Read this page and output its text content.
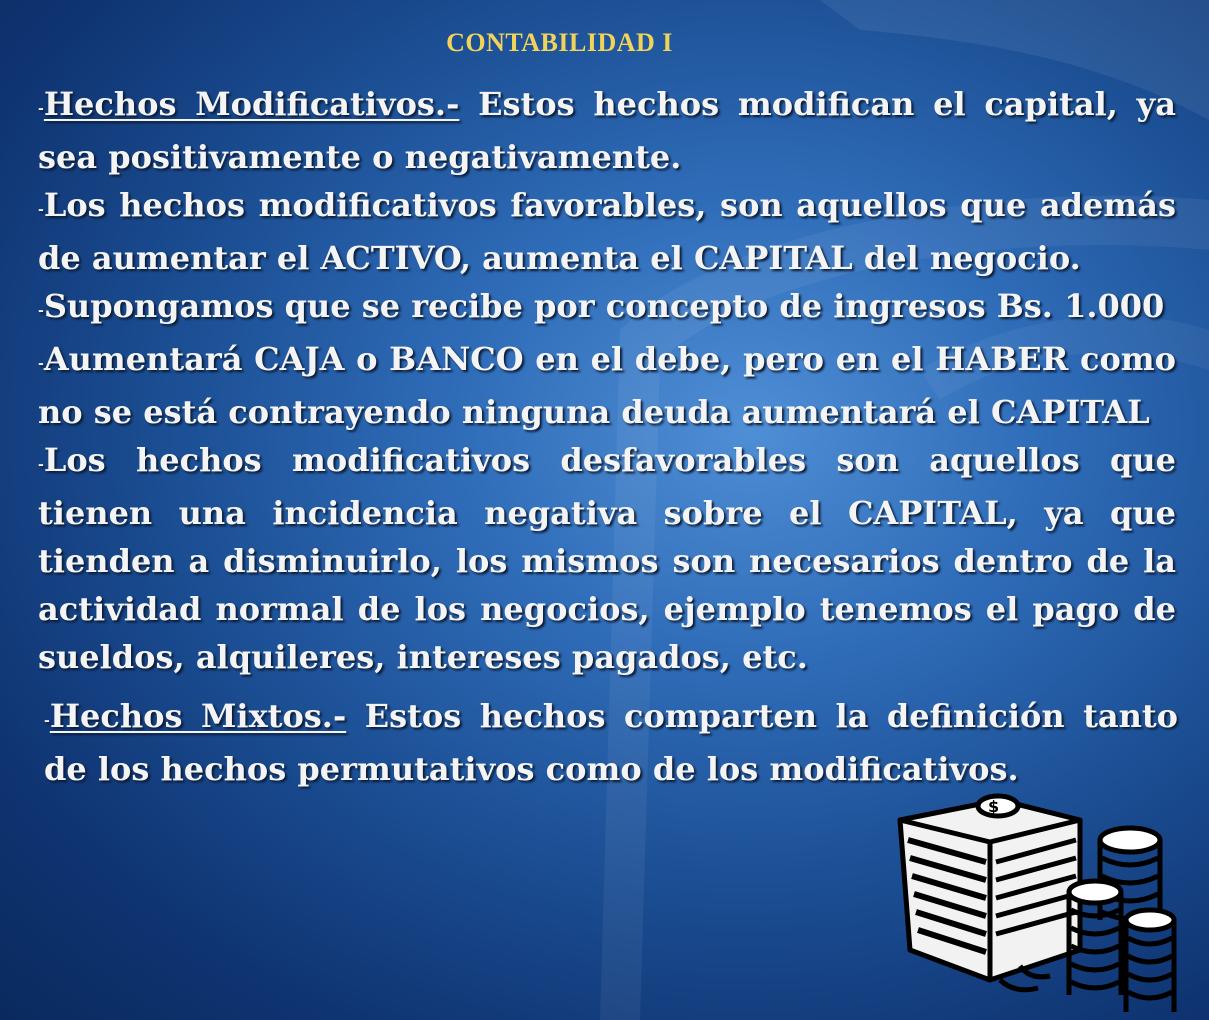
CONTABILIDAD I

-Hechos Modificativos.- Estos hechos modifican el capital, ya sea positivamente o negativamente.

-Los hechos modificativos favorables, son aquellos que además de aumentar el ACTIVO, aumenta el CAPITAL del negocio.

-Supongamos que se recibe por concepto de ingresos Bs. 1.000

-Aumentará CAJA o BANCO en el debe, pero en el HABER como no se está contrayendo ninguna deuda aumentará el CAPITAL

-Los hechos modificativos desfavorables son aquellos que tienen una incidencia negativa sobre el CAPITAL, ya que tienden a disminuirlo, los mismos son necesarios dentro de la actividad normal de los negocios, ejemplo tenemos el pago de sueldos, alquileres, intereses pagados, etc.

-Hechos Mixtos.- Estos hechos comparten la definición tanto de los hechos permutativos como de los modificativos.

$
